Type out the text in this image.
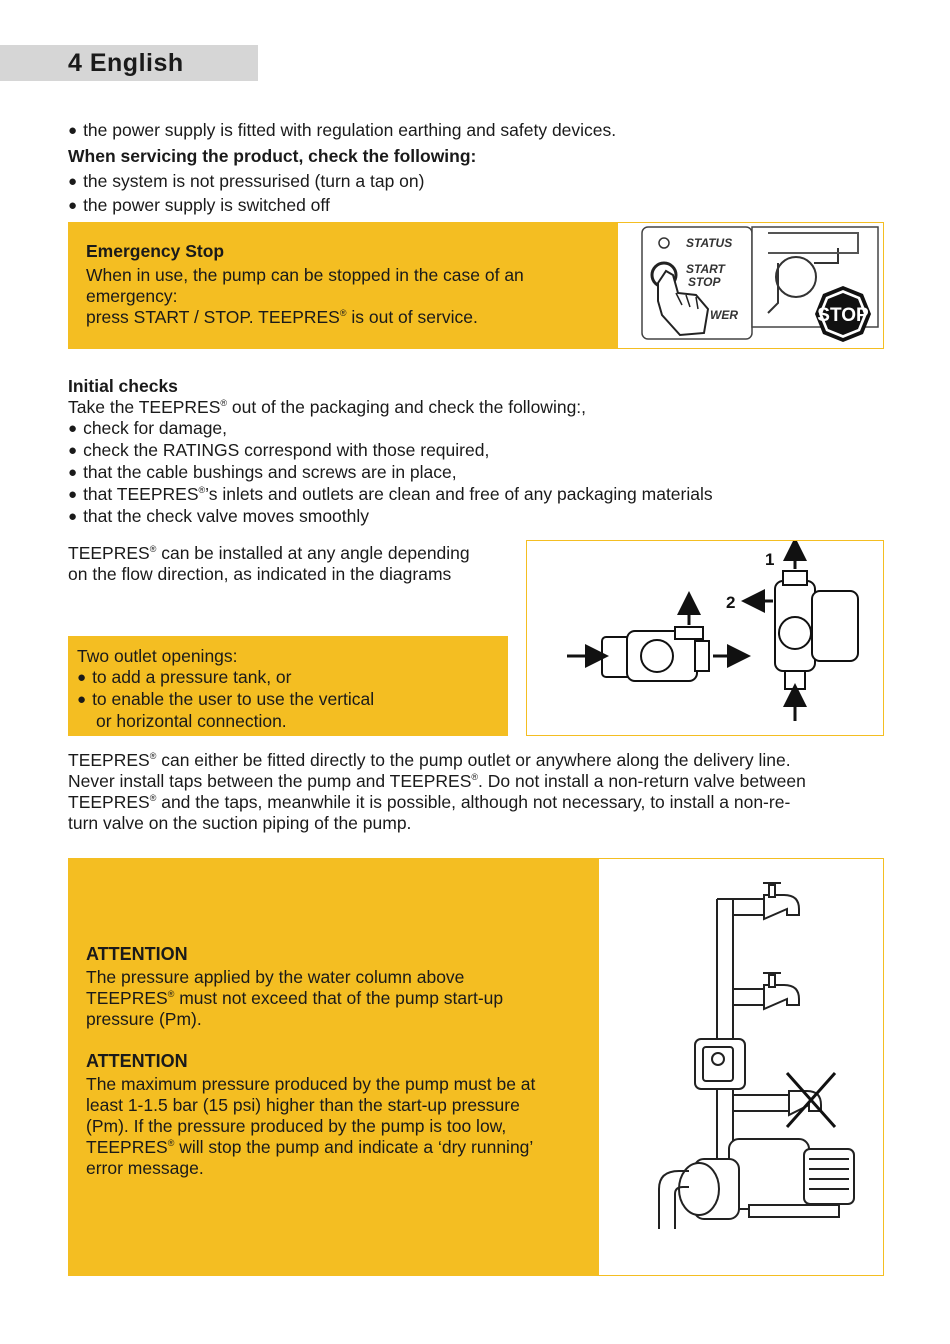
4 English

● the power supply is fitted with regulation earthing and safety devices.

When servicing the product, check the following:

● the system is not pressurised (turn a tap on)

● the power supply is switched off

Emergency Stop

When in use, the pump can be stopped in the case of an

emergency:

press START / STOP. TEEPRES® is out of service.

STATUS
START
STOP
WER	STOP

Initial checks

Take the TEEPRES® out of the packaging and check the following:,

● check for damage,

● check the RATINGS correspond with those required,

● that the cable bushings and screws are in place,

● that TEEPRES®’s inlets and outlets are clean and free of any packaging materials

● that the check valve moves smoothly

TEEPRES® can be installed at any angle depending

on the flow direction, as indicated in the diagrams

Two outlet openings:

● to add a pressure tank, or

● to enable the user to use the vertical

or horizontal connection.

1
2

TEEPRES® can either be fitted directly to the pump outlet or anywhere along the delivery line.

Never install taps between the pump and TEEPRES®. Do not install a non-return valve between

TEEPRES® and the taps, meanwhile it is possible, although not necessary, to install a non-re-

turn valve on the suction piping of the pump.

ATTENTION

The pressure applied by the water column above

TEEPRES® must not exceed that of the pump start-up

pressure (Pm).

ATTENTION

The maximum pressure produced by the pump must be at

least 1-1.5 bar (15 psi) higher than the start-up pressure

(Pm). If the pressure produced by the pump is too low,

TEEPRES® will stop the pump and indicate a ‘dry running’

error message.
